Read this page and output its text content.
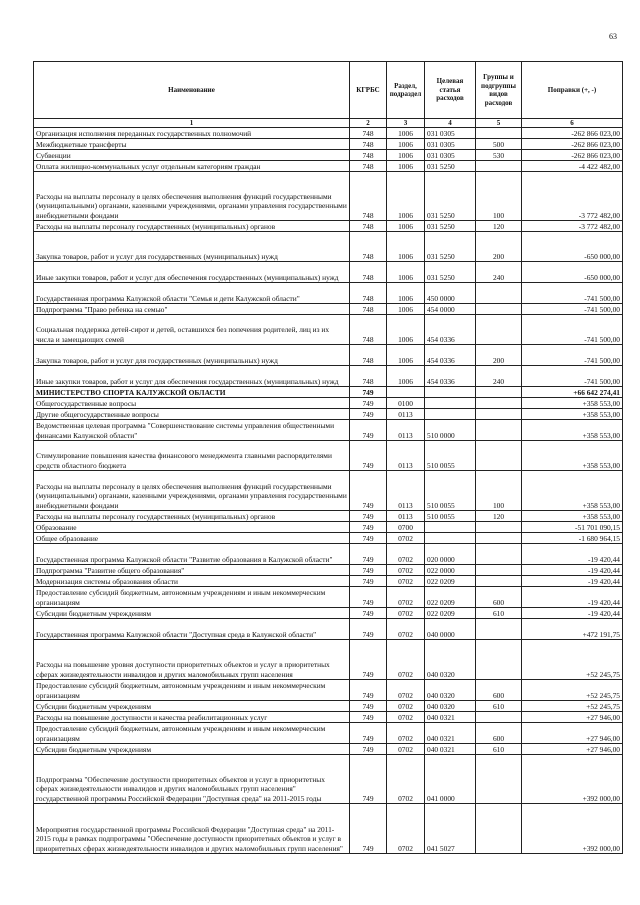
63
Наименование	КГРБС	Раздел, подраздел	Целевая статья расходов	Группы и подгруппы видов расходов	Поправки (+, -)
1	2	3	4	5	6
Организация исполнения переданных государственных полномочий	748	1006	031 0305		-262 866 023,00
Межбюджетные трансферты	748	1006	031 0305	500	-262 866 023,00
Субвенции	748	1006	031 0305	530	-262 866 023,00
Оплата жилищно-коммунальных услуг отдельным категориям граждан	748	1006	031 5250		-4 422 482,00
Расходы на выплаты персоналу в целях обеспечения выполнения функций государственными (муниципальными) органами, казенными учреждениями, органами управления государственными внебюджетными фондами	748	1006	031 5250	100	-3 772 482,00
Расходы на выплаты персоналу государственных (муниципальных) органов	748	1006	031 5250	120	-3 772 482,00
Закупка товаров, работ и услуг для государственных (муниципальных) нужд	748	1006	031 5250	200	-650 000,00
Иные закупки товаров, работ и услуг для обеспечения государственных (муниципальных) нужд	748	1006	031 5250	240	-650 000,00
Государственная программа Калужской области "Семья и дети Калужской области"	748	1006	450 0000		-741 500,00
Подпрограмма "Право ребенка на семью"	748	1006	454 0000		-741 500,00
Социальная поддержка детей-сирот и детей, оставшихся без попечения родителей, лиц из их числа и замещающих семей	748	1006	454 0336		-741 500,00
Закупка товаров, работ и услуг для государственных (муниципальных) нужд	748	1006	454 0336	200	-741 500,00
Иные закупки товаров, работ и услуг для обеспечения государственных (муниципальных) нужд	748	1006	454 0336	240	-741 500,00
МИНИСТЕРСТВО СПОРТА КАЛУЖСКОЙ ОБЛАСТИ	749				+66 642 274,41
Общегосударственные вопросы	749	0100			+358 553,00
Другие общегосударственные вопросы	749	0113			+358 553,00
Ведомственная целевая программа "Совершенствование системы управления общественными финансами Калужской области"	749	0113	510 0000		+358 553,00
Стимулирование повышения качества финансового менеджмента главными распорядителями средств областного бюджета	749	0113	510 0055		+358 553,00
Расходы на выплаты персоналу в целях обеспечения выполнения функций государственными (муниципальными) органами, казенными учреждениями, органами управления государственными внебюджетными фондами	749	0113	510 0055	100	+358 553,00
Расходы на выплаты персоналу государственных (муниципальных) органов	749	0113	510 0055	120	+358 553,00
Образование	749	0700			-51 701 090,15
Общее образование	749	0702			-1 680 964,15
Государственная программа Калужской области "Развитие образования в Калужской области"	749	0702	020 0000		-19 420,44
Подпрограмма "Развитие общего образования"	749	0702	022 0000		-19 420,44
Модернизация системы образования области	749	0702	022 0209		-19 420,44
Предоставление субсидий бюджетным, автономным учреждениям и иным некоммерческим организациям	749	0702	022 0209	600	-19 420,44
Субсидии бюджетным учреждениям	749	0702	022 0209	610	-19 420,44
Государственная программа Калужской области "Доступная среда в Калужской области"	749	0702	040 0000		+472 191,75
Расходы на повышение уровня доступности приоритетных объектов и услуг в приоритетных сферах жизнедеятельности инвалидов и других маломобильных групп населения	749	0702	040 0320		+52 245,75
Предоставление субсидий бюджетным, автономным учреждениям и иным некоммерческим организациям	749	0702	040 0320	600	+52 245,75
Субсидии бюджетным учреждениям	749	0702	040 0320	610	+52 245,75
Расходы на повышение доступности и качества реабилитационных услуг	749	0702	040 0321		+27 946,00
Предоставление субсидий бюджетным, автономным учреждениям и иным некоммерческим организациям	749	0702	040 0321	600	+27 946,00
Субсидии бюджетным учреждениям	749	0702	040 0321	610	+27 946,00
Подпрограмма "Обеспечение доступности приоритетных объектов и услуг в приоритетных сферах жизнедеятельности инвалидов и других маломобильных групп населения" государственной программы Российской Федерации "Доступная среда" на 2011-2015 годы	749	0702	041 0000		+392 000,00
Мероприятия государственной программы Российской Федерации "Доступная среда" на 2011-2015 годы в рамках подпрограммы "Обеспечение доступности приоритетных объектов и услуг в приоритетных сферах жизнедеятельности инвалидов и других маломобильных групп населения"	749	0702	041 5027		+392 000,00
